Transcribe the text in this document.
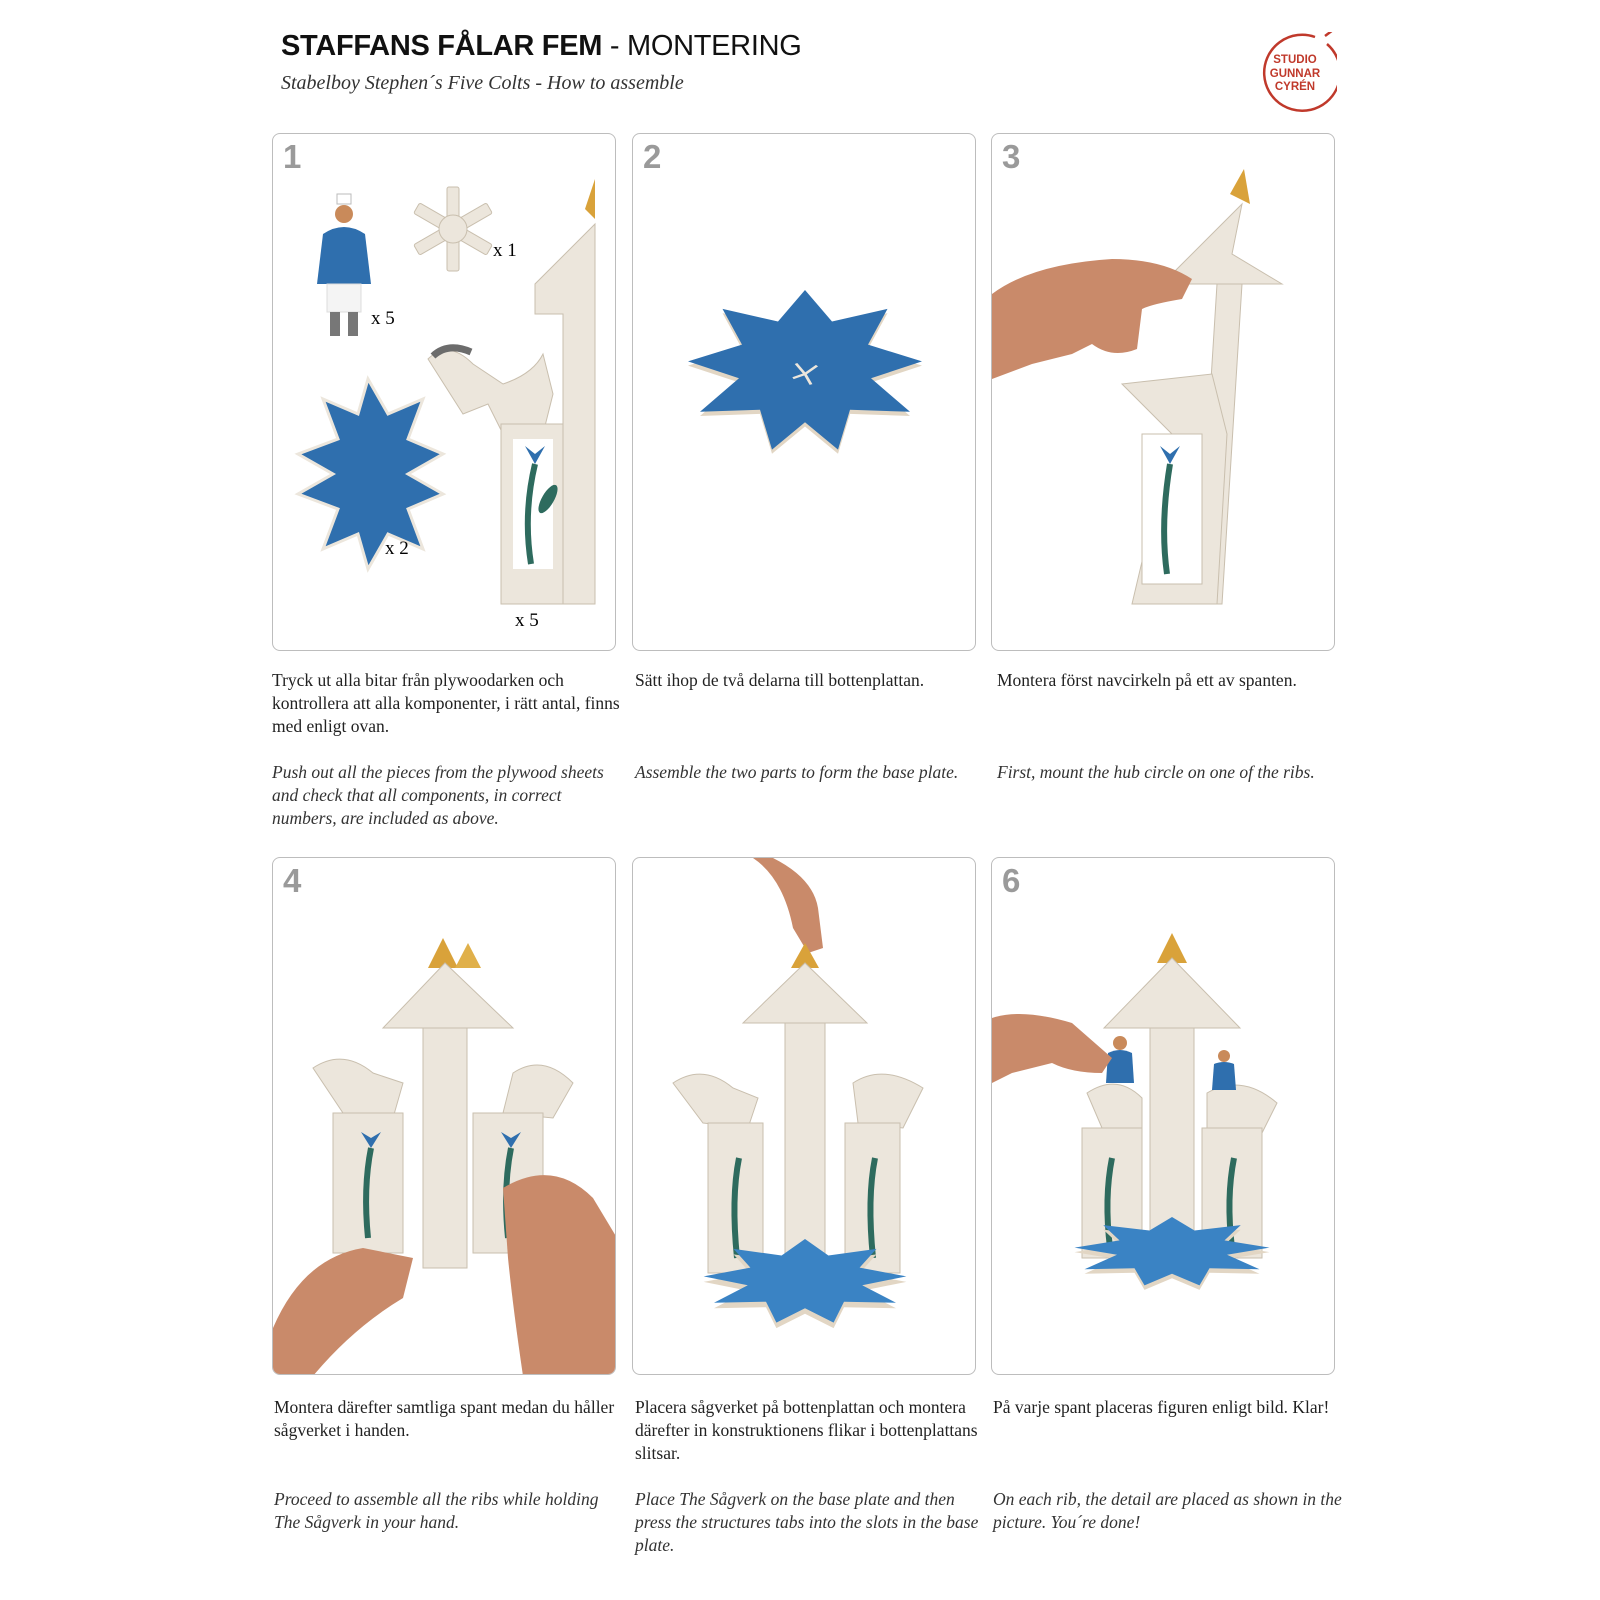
STAFFANS FÅLAR FEM - MONTERING
Stabelboy Stephen´s Five Colts - How to assemble
STUDIO
GUNNAR
CYRÉN
1
x 5
x 1
x 2
x 5
2	3
4	5	6
Tryck ut alla bitar från plywoodarken och kontrollera att alla komponenter, i rätt antal, finns med enligt ovan.
Push out all the pieces from the plywood sheets and check that all components, in correct numbers, are included as above.
Sätt ihop de två delarna till bottenplattan.
Assemble the two parts to form the base plate.
Montera först navcirkeln på ett av spanten.
First, mount the hub circle on one of the ribs.
Montera därefter samtliga spant medan du håller sågverket i handen.
Proceed to assemble all the ribs while holding The Sågverk in your hand.
Placera sågverket på bottenplattan och montera därefter in konstruktionens flikar i bottenplattans slitsar.
Place The Sågverk on the base plate and then press the structures tabs into the slots in the base plate.
På varje spant placeras figuren enligt bild. Klar!
On each rib, the detail are placed as shown in the picture. You´re done!
